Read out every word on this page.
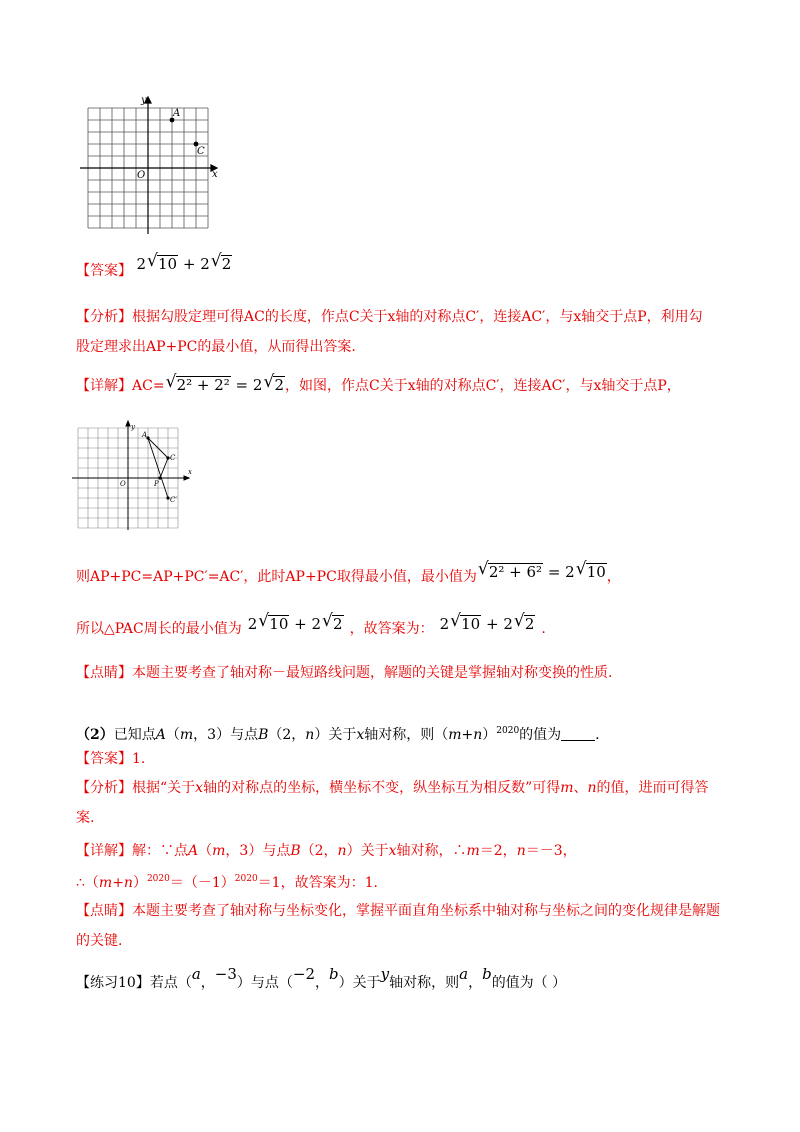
y
x
O
A
C
【答案】 2 √ 10 + 2 √ 2
【分析】根据勾股定理可得AC的长度，作点C关于x轴的对称点C′，连接AC′，与x轴交于点P，利用勾
股定理求出AP+PC的最小值，从而得出答案.
【详解】AC= √ 2² + 2² = 2 √ 2，如图，作点C关于x轴的对称点C′，连接AC′，与x轴交于点P，
y
x
O
A
C
P
C′
则AP+PC=AP+PC′=AC′，此时AP+PC取得最小值，最小值为 √ 2² + 6² = 2 √ 10，
所以△PAC周长的最小值为 2 √ 10 + 2 √ 2 ，故答案为： 2 √ 10 + 2 √ 2 .
【点睛】本题主要考查了轴对称－最短路线问题，解题的关键是掌握轴对称变换的性质.
（2）已知点A（m，3）与点B（2，n）关于x轴对称，则$(m+n)^{2020}$的值为 .
【答案】1.
【分析】根据“关于x轴的对称点的坐标，横坐标不变，纵坐标互为相反数”可得m、n的值，进而可得答
案.
【详解】解：∵点A（m，3）与点B（2，n）关于x轴对称，∴m＝2，n＝－3，
$\therefore(m+n)^{2020}=(-1)^{2020}=1$，故答案为：1.
【点睛】本题主要考查了轴对称与坐标变化，掌握平面直角坐标系中轴对称与坐标之间的变化规律是解题
的关键.
【练习10】若点（a，−3）与点（−2，b）关于y轴对称，则a，b的值为（ ）
